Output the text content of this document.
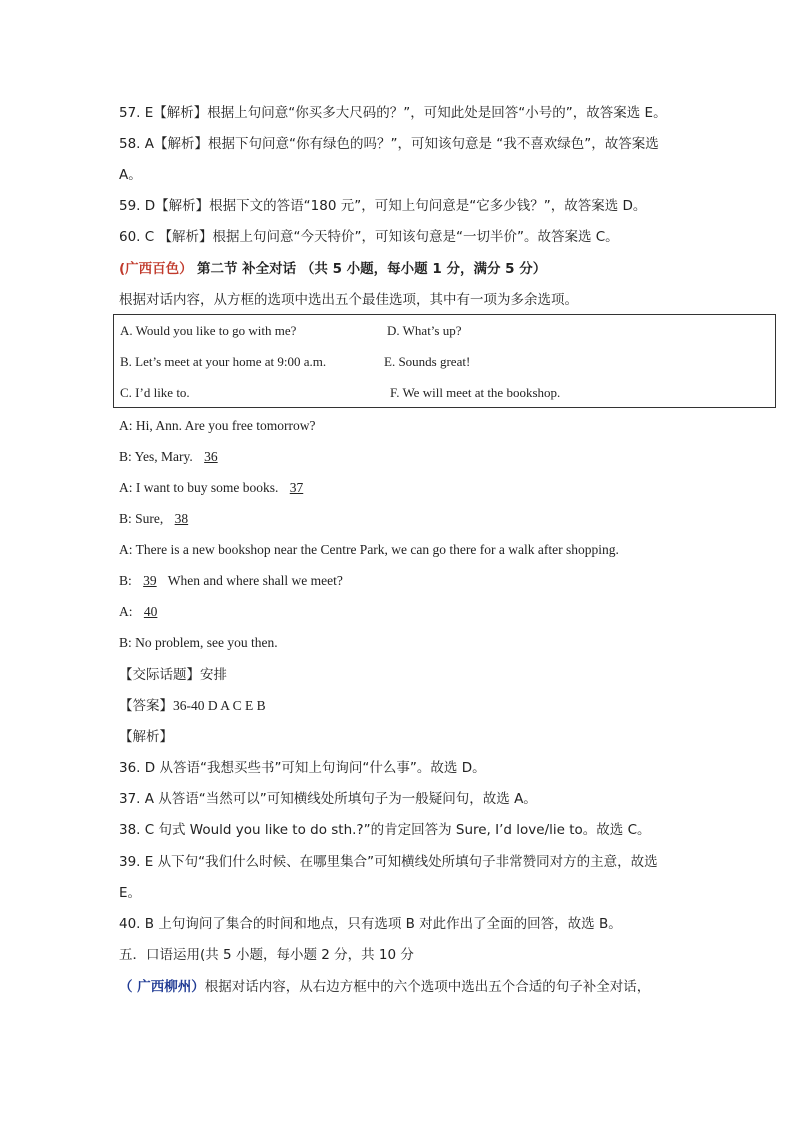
57. E【解析】根据上句问意“你买多大尺码的？”，可知此处是回答“小号的”，故答案选 E。
58. A【解析】根据下句问意“你有绿色的吗？”，可知该句意是 “我不喜欢绿色”，故答案选
A。
59. D【解析】根据下文的答语“180 元”，可知上句问意是“它多少钱？”，故答案选 D。
60. C 【解析】根据上句问意“今天特价”，可知该句意是“一切半价”。故答案选 C。
(广西百色） 第二节 补全对话 （共 5 小题，每小题 1 分，满分 5 分）
根据对话内容，从方框的选项中选出五个最佳选项，其中有一项为多余选项。
A. Would you like to go with me?	D. What’s up?
B. Let’s meet at your home at 9:00 a.m.	E. Sounds great!
C. I’d like to.	F. We will meet at the bookshop.
A: Hi, Ann. Are you free tomorrow?
B: Yes, Mary. 36
A: I want to buy some books. 37
B: Sure, 38
A: There is a new bookshop near the Centre Park, we can go there for a walk after shopping.
B: 39 When and where shall we meet?
A: 40
B: No problem, see you then.
【交际话题】安排
【答案】36-40 D A C E B
【解析】
36. D 从答语“我想买些书”可知上句询问“什么事”。故选 D。
37. A 从答语“当然可以”可知横线处所填句子为一般疑问句，故选 A。
38. C 句式 Would you like to do sth.?”的肯定回答为 Sure, I’d love/lie to。故选 C。
39. E 从下句“我们什么时候、在哪里集合”可知横线处所填句子非常赞同对方的主意，故选
E。
40. B 上句询问了集合的时间和地点，只有选项 B 对此作出了全面的回答，故选 B。
五．口语运用(共 5 小题，每小题 2 分，共 10 分
（ 广西柳州）根据对话内容，从右边方框中的六个选项中选出五个合适的句子补全对话，
